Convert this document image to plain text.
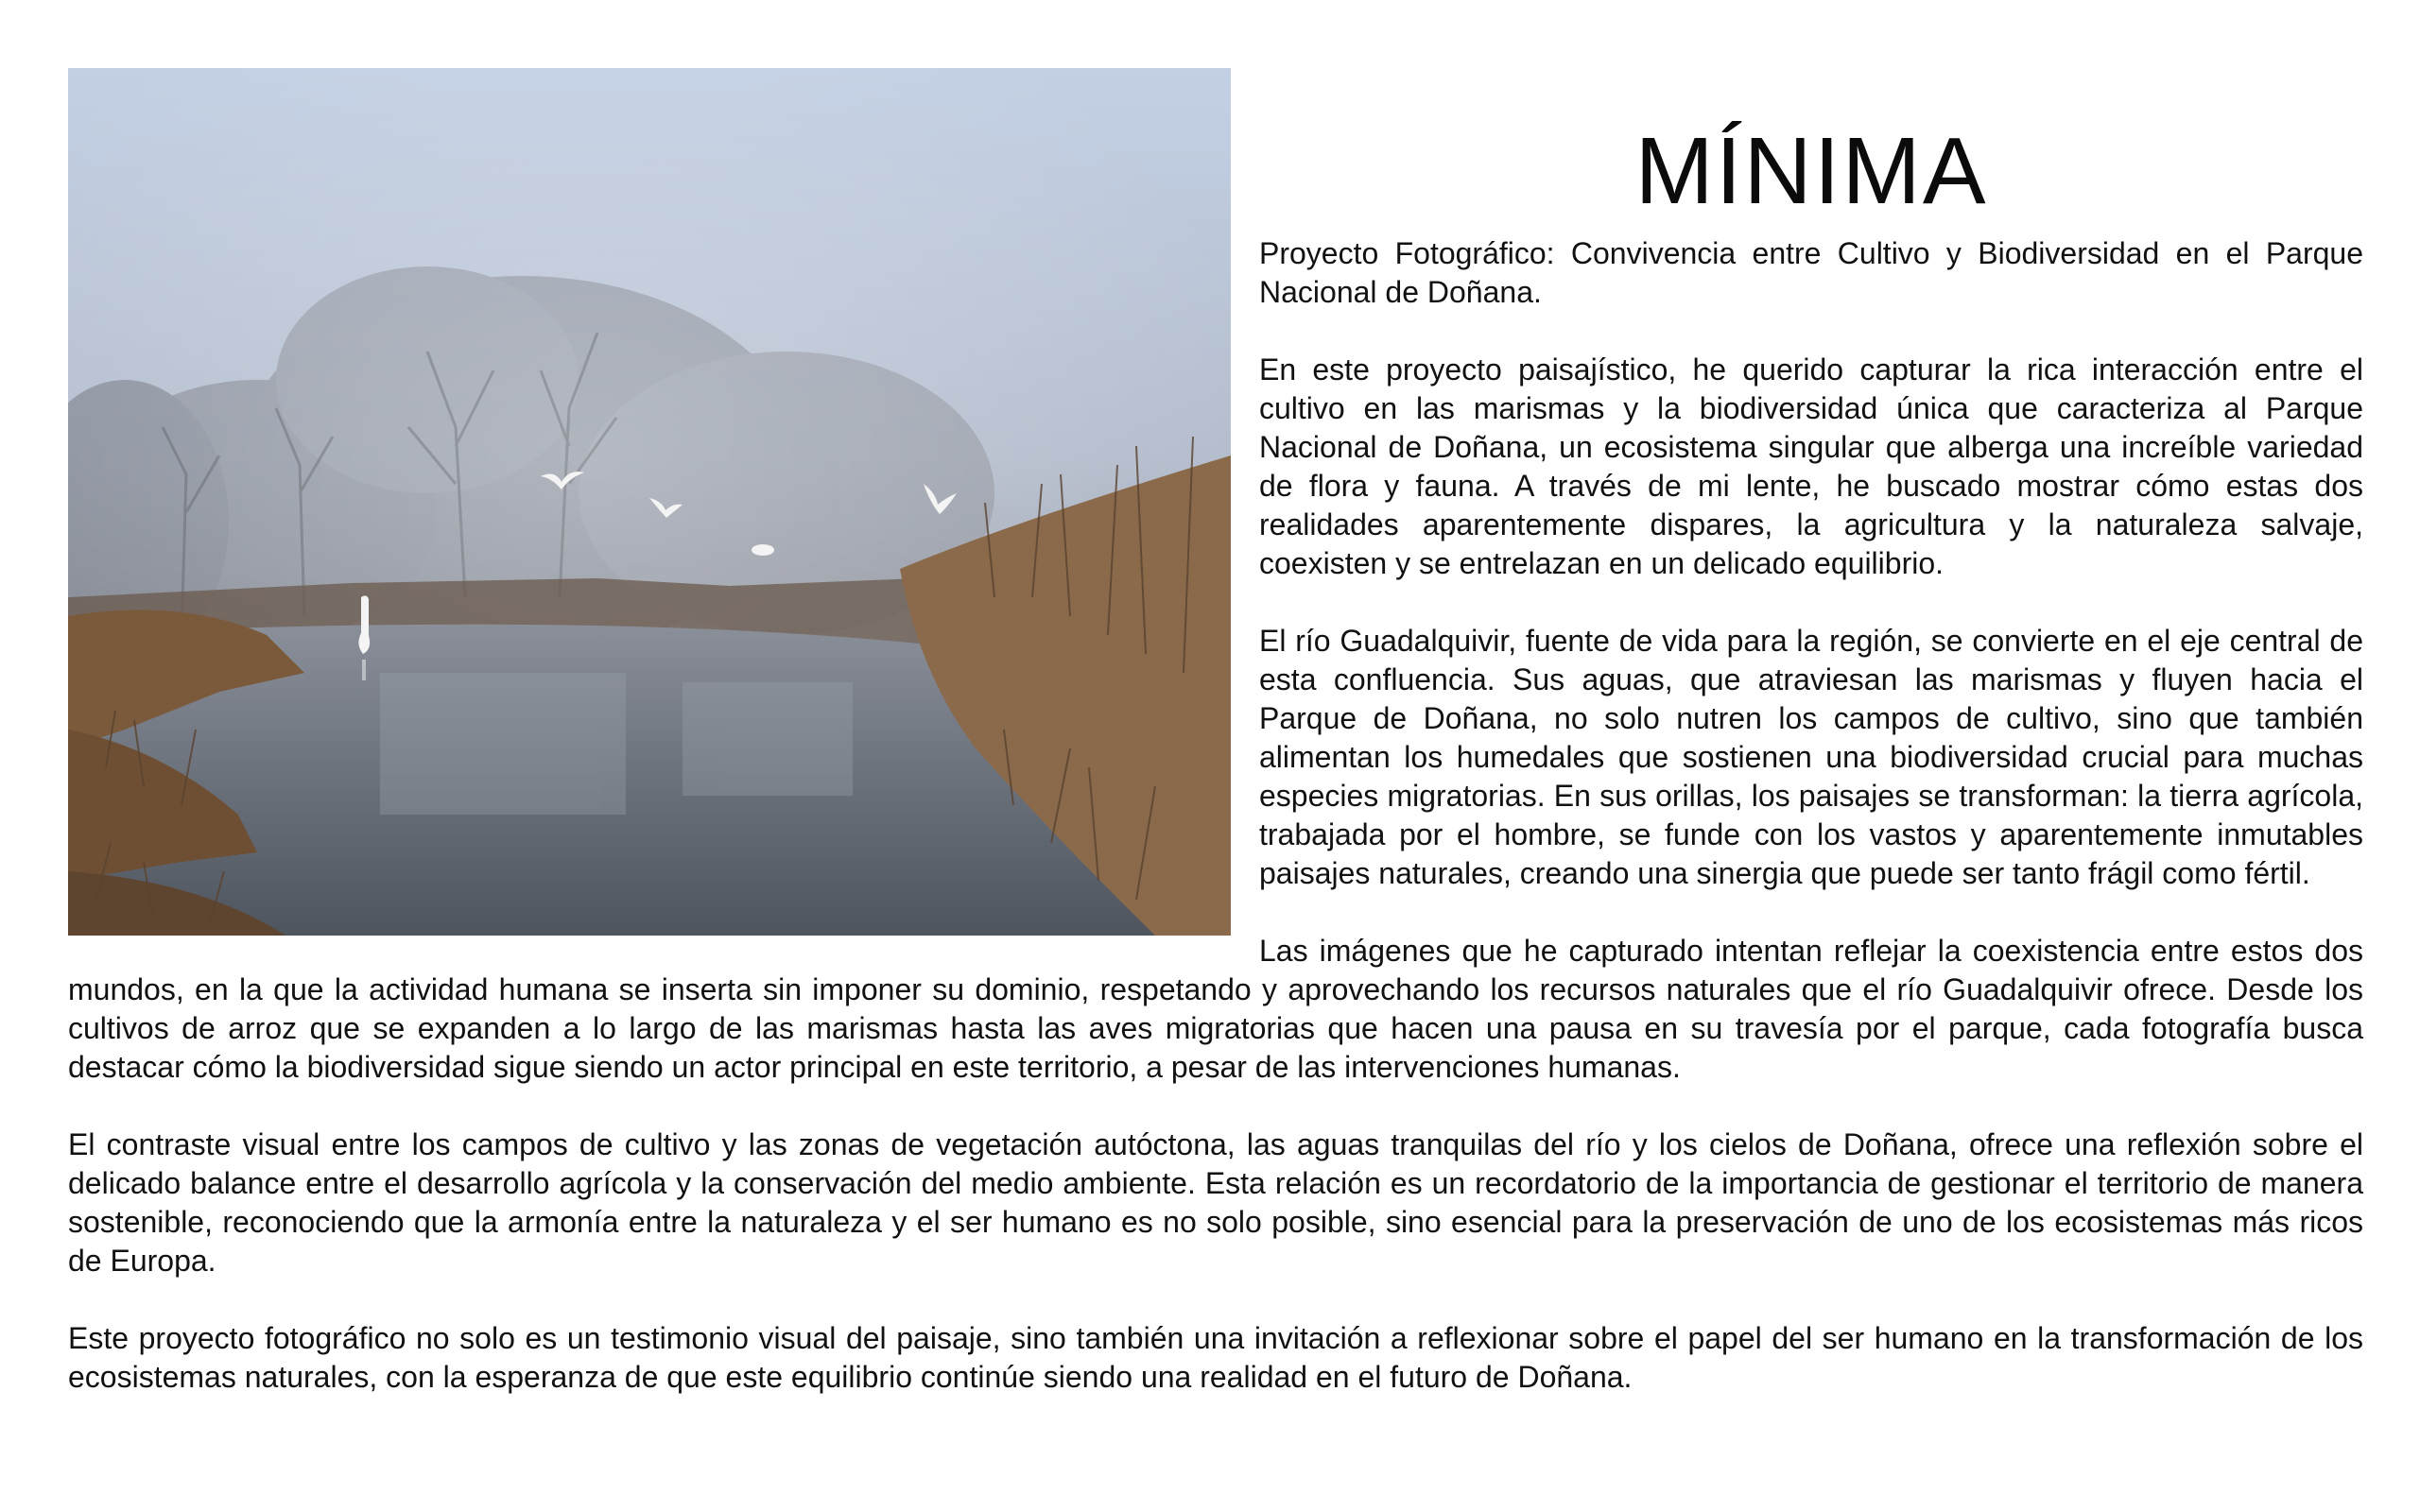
MÍNIMA

Proyecto Fotográfico: Convivencia entre Cultivo y Biodiversidad en el Parque Nacional de Doñana.

En este proyecto paisajístico, he querido capturar la rica interacción entre el cultivo en las marismas y la biodiversidad única que caracteriza al Parque Nacional de Doñana, un ecosistema singular que alberga una increíble variedad de flora y fauna. A través de mi lente, he buscado mostrar cómo estas dos realidades aparentemente dispares, la agricultura y la naturaleza salvaje, coexisten y se entrelazan en un delicado equilibrio.

El río Guadalquivir, fuente de vida para la región, se convierte en el eje central de esta confluencia. Sus aguas, que atraviesan las marismas y fluyen hacia el Parque de Doñana, no solo nutren los campos de cultivo, sino que también alimentan los humedales que sostienen una biodiversidad crucial para muchas especies migratorias. En sus orillas, los paisajes se transforman: la tierra agrícola, trabajada por el hombre, se funde con los vastos y aparentemente inmutables paisajes naturales, creando una sinergia que puede ser tanto frágil como fértil.

Las imágenes que he capturado intentan reflejar la coexistencia entre estos dos mundos, en la que la actividad humana se inserta sin imponer su dominio, respetando y aprovechando los recursos naturales que el río Guadalquivir ofrece. Desde los cultivos de arroz que se expanden a lo largo de las marismas hasta las aves migratorias que hacen una pausa en su travesía por el parque, cada fotografía busca destacar cómo la biodiversidad sigue siendo un actor principal en este territorio, a pesar de las intervenciones humanas.

El contraste visual entre los campos de cultivo y las zonas de vegetación autóctona, las aguas tranquilas del río y los cielos de Doñana, ofrece una reflexión sobre el delicado balance entre el desarrollo agrícola y la conservación del medio ambiente. Esta relación es un recordatorio de la importancia de gestionar el territorio de manera sostenible, reconociendo que la armonía entre la naturaleza y el ser humano es no solo posible, sino esencial para la preservación de uno de los ecosistemas más ricos de Europa.

Este proyecto fotográfico no solo es un testimonio visual del paisaje, sino también una invitación a reflexionar sobre el papel del ser humano en la transformación de los ecosistemas naturales, con la esperanza de que este equilibrio continúe siendo una realidad en el futuro de Doñana.
